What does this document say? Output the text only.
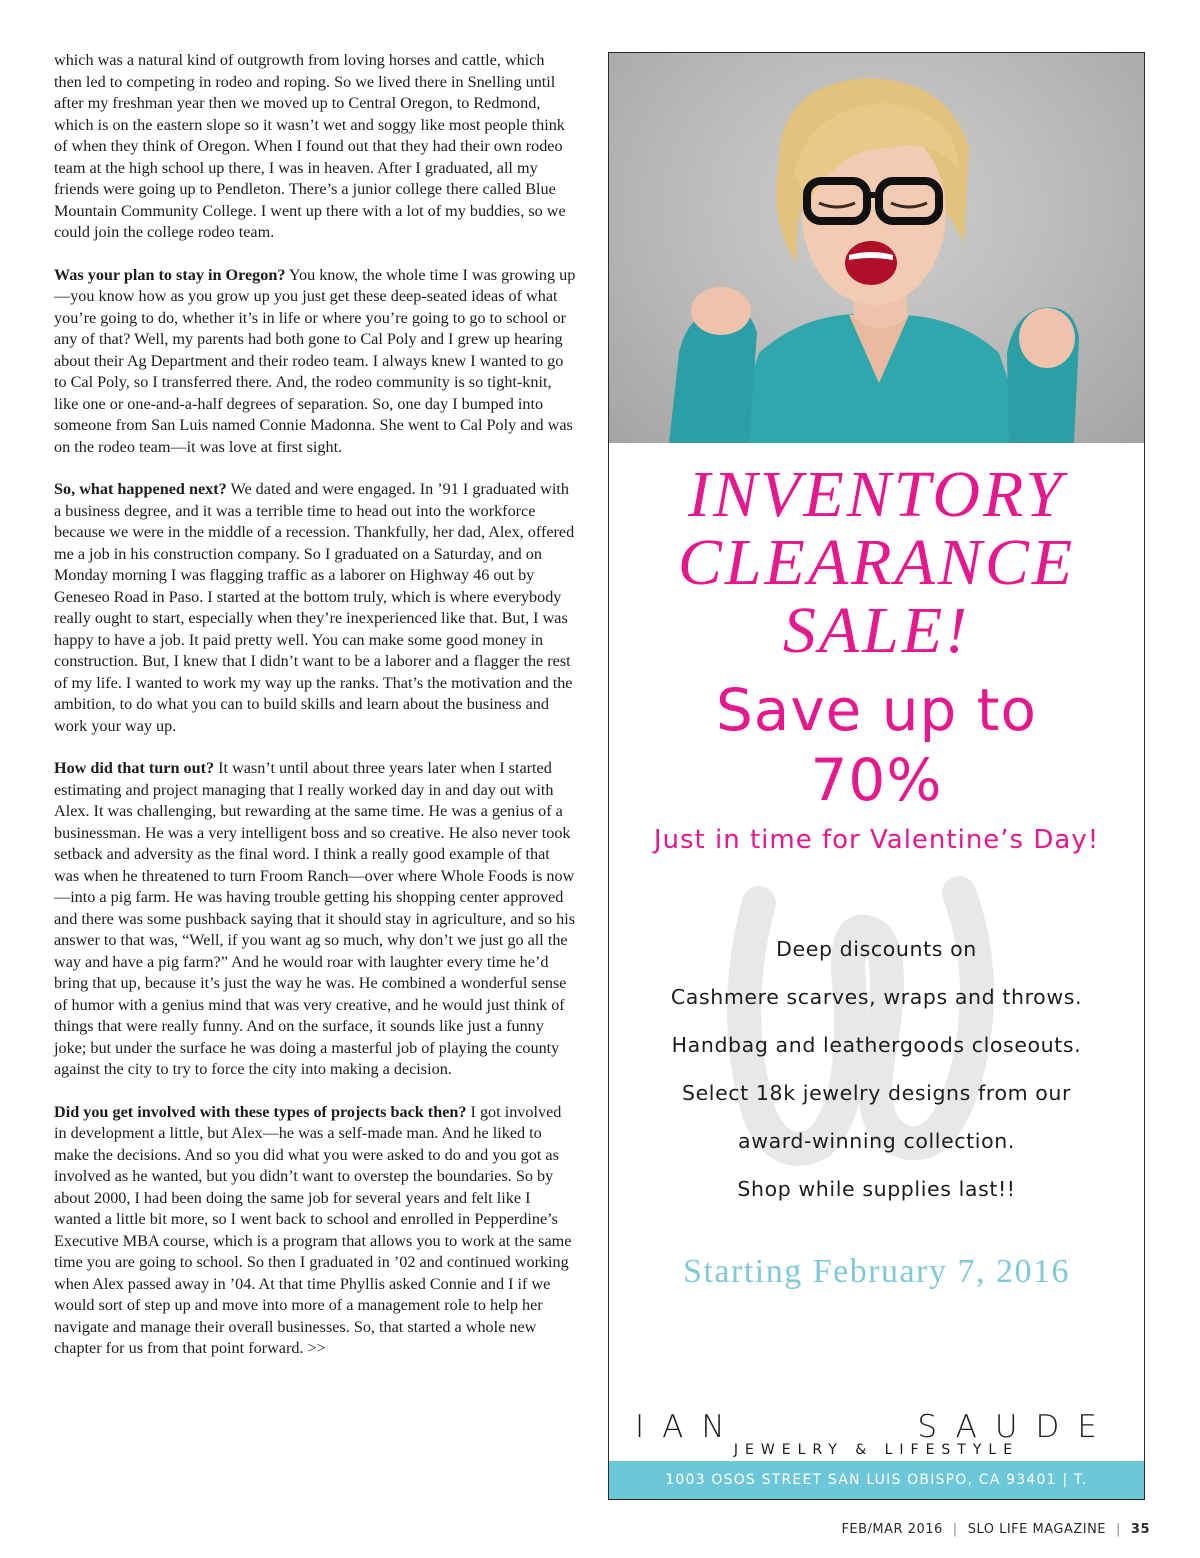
which was a natural kind of outgrowth from loving horses and cattle, which then led to competing in rodeo and roping. So we lived there in Snelling until after my freshman year then we moved up to Central Oregon, to Redmond, which is on the eastern slope so it wasn’t wet and soggy like most people think of when they think of Oregon. When I found out that they had their own rodeo team at the high school up there, I was in heaven. After I graduated, all my friends were going up to Pendleton. There’s a junior college there called Blue Mountain Community College. I went up there with a lot of my buddies, so we could join the college rodeo team.

Was your plan to stay in Oregon? You know, the whole time I was growing up—you know how as you grow up you just get these deep-seated ideas of what you’re going to do, whether it’s in life or where you’re going to go to school or any of that? Well, my parents had both gone to Cal Poly and I grew up hearing about their Ag Department and their rodeo team. I always knew I wanted to go to Cal Poly, so I transferred there. And, the rodeo community is so tight-knit, like one or one-and-a-half degrees of separation. So, one day I bumped into someone from San Luis named Connie Madonna. She went to Cal Poly and was on the rodeo team—it was love at first sight.

So, what happened next? We dated and were engaged. In ’91 I graduated with a business degree, and it was a terrible time to head out into the workforce because we were in the middle of a recession. Thankfully, her dad, Alex, offered me a job in his construction company. So I graduated on a Saturday, and on Monday morning I was flagging traffic as a laborer on Highway 46 out by Geneseo Road in Paso. I started at the bottom truly, which is where everybody really ought to start, especially when they’re inexperienced like that. But, I was happy to have a job. It paid pretty well. You can make some good money in construction. But, I knew that I didn’t want to be a laborer and a flagger the rest of my life. I wanted to work my way up the ranks. That’s the motivation and the ambition, to do what you can to build skills and learn about the business and work your way up.

How did that turn out? It wasn’t until about three years later when I started estimating and project managing that I really worked day in and day out with Alex. It was challenging, but rewarding at the same time. He was a genius of a businessman. He was a very intelligent boss and so creative. He also never took setback and adversity as the final word. I think a really good example of that was when he threatened to turn Froom Ranch—over where Whole Foods is now—into a pig farm. He was having trouble getting his shopping center approved and there was some pushback saying that it should stay in agriculture, and so his answer to that was, “Well, if you want ag so much, why don’t we just go all the way and have a pig farm?” And he would roar with laughter every time he’d bring that up, because it’s just the way he was. He combined a wonderful sense of humor with a genius mind that was very creative, and he would just think of things that were really funny. And on the surface, it sounds like just a funny joke; but under the surface he was doing a masterful job of playing the county against the city to try to force the city into making a decision.

Did you get involved with these types of projects back then? I got involved in development a little, but Alex—he was a self-made man. And he liked to make the decisions. And so you did what you were asked to do and you got as involved as he wanted, but you didn’t want to overstep the boundaries. So by about 2000, I had been doing the same job for several years and felt like I wanted a little bit more, so I went back to school and enrolled in Pepperdine’s Executive MBA course, which is a program that allows you to work at the same time you are going to school. So then I graduated in ’02 and continued working when Alex passed away in ’04. At that time Phyllis asked Connie and I if we would sort of step up and move into more of a management role to help her navigate and manage their overall businesses. So, that started a whole new chapter for us from that point forward. >>

INVENTORY
CLEARANCE
SALE!
Save up to
70%
Just in time for Valentine’s Day!
Deep discounts on
Cashmere scarves, wraps and throws.
Handbag and leathergoods closeouts.
Select 18k jewelry designs from our
award-winning collection.
Shop while supplies last!!
Starting February 7, 2016
IAN SAUDE
JEWELRY & LIFESTYLE
1003 OSOS STREET SAN LUIS OBISPO, CA 93401 | T. 805.784.0967
FEB/MAR 2016 | SLO LIFE MAGAZINE | 35
